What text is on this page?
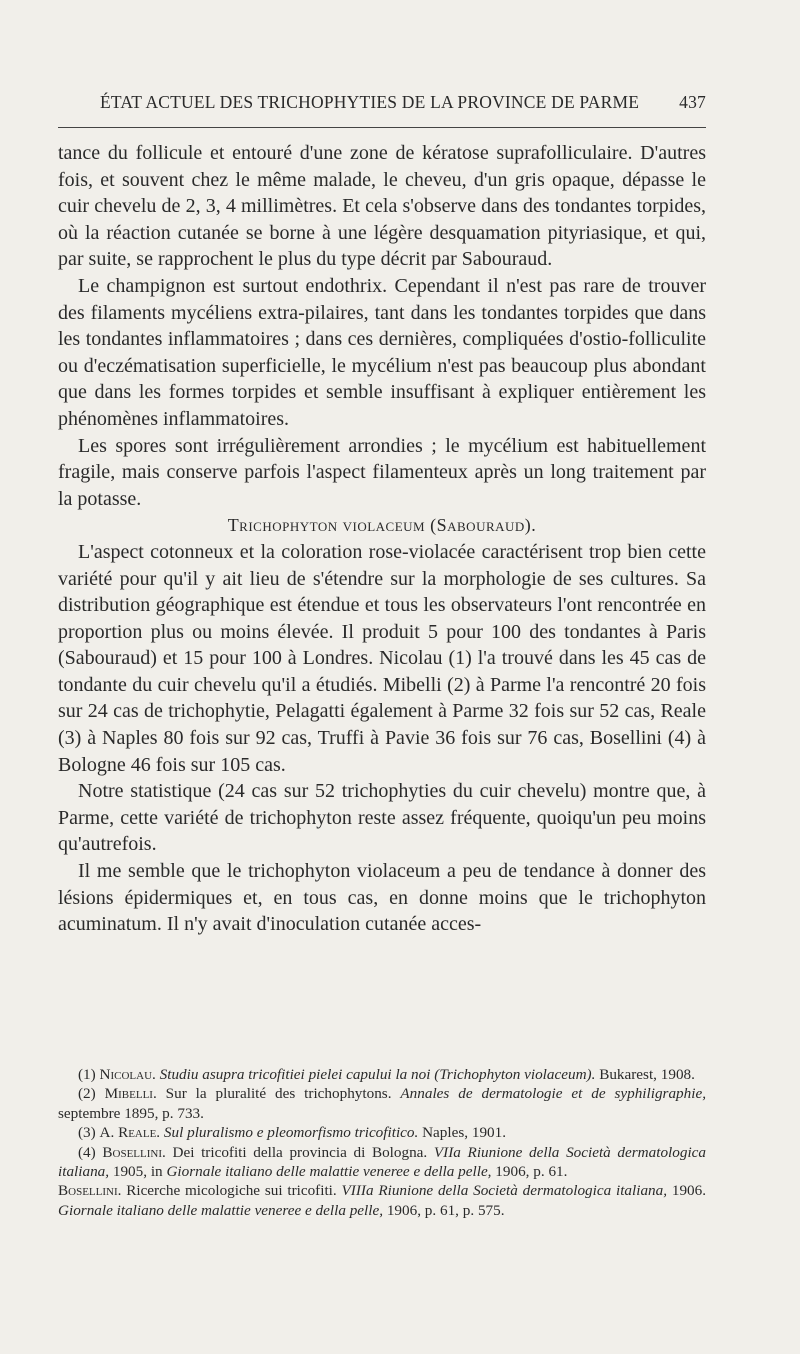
ÉTAT ACTUEL DES TRICHOPHYTIES DE LA PROVINCE DE PARME 437

tance du follicule et entouré d'une zone de kératose suprafolliculaire. D'autres fois, et souvent chez le même malade, le cheveu, d'un gris opaque, dépasse le cuir chevelu de 2, 3, 4 millimètres. Et cela s'observe dans des tondantes torpides, où la réaction cutanée se borne à une légère desquamation pityriasique, et qui, par suite, se rapprochent le plus du type décrit par Sabouraud.

Le champignon est surtout endothrix. Cependant il n'est pas rare de trouver des filaments mycéliens extra-pilaires, tant dans les tondantes torpides que dans les tondantes inflammatoires ; dans ces dernières, compliquées d'ostio-folliculite ou d'eczématisation superficielle, le mycélium n'est pas beaucoup plus abondant que dans les formes torpides et semble insuffisant à expliquer entièrement les phénomènes inflammatoires.

Les spores sont irrégulièrement arrondies ; le mycélium est habituellement fragile, mais conserve parfois l'aspect filamenteux après un long traitement par la potasse.

Trichophyton violaceum (Sabouraud).

L'aspect cotonneux et la coloration rose-violacée caractérisent trop bien cette variété pour qu'il y ait lieu de s'étendre sur la morphologie de ses cultures. Sa distribution géographique est étendue et tous les observateurs l'ont rencontrée en proportion plus ou moins élevée. Il produit 5 pour 100 des tondantes à Paris (Sabouraud) et 15 pour 100 à Londres. Nicolau (1) l'a trouvé dans les 45 cas de tondante du cuir chevelu qu'il a étudiés. Mibelli (2) à Parme l'a rencontré 20 fois sur 24 cas de trichophytie, Pelagatti également à Parme 32 fois sur 52 cas, Reale (3) à Naples 80 fois sur 92 cas, Truffi à Pavie 36 fois sur 76 cas, Bosellini (4) à Bologne 46 fois sur 105 cas.

Notre statistique (24 cas sur 52 trichophyties du cuir chevelu) montre que, à Parme, cette variété de trichophyton reste assez fréquente, quoiqu'un peu moins qu'autrefois.

Il me semble que le trichophyton violaceum a peu de tendance à donner des lésions épidermiques et, en tous cas, en donne moins que le trichophyton acuminatum. Il n'y avait d'inoculation cutanée acces-

(1) Nicolau. Studiu asupra tricofitiei pielei capului la noi (Trichophyton violaceum). Bukarest, 1908.

(2) Mibelli. Sur la pluralité des trichophytons. Annales de dermatologie et de syphiligraphie, septembre 1895, p. 733.

(3) A. Reale. Sul pluralismo e pleomorfismo tricofitico. Naples, 1901.

(4) Bosellini. Dei tricofiti della provincia di Bologna. VIIa Riunione della Società dermatologica italiana, 1905, in Giornale italiano delle malattie veneree e della pelle, 1906, p. 61.

Bosellini. Ricerche micologiche sui tricofiti. VIIIa Riunione della Società dermatologica italiana, 1906. Giornale italiano delle malattie veneree e della pelle, 1906, p. 61, p. 575.
